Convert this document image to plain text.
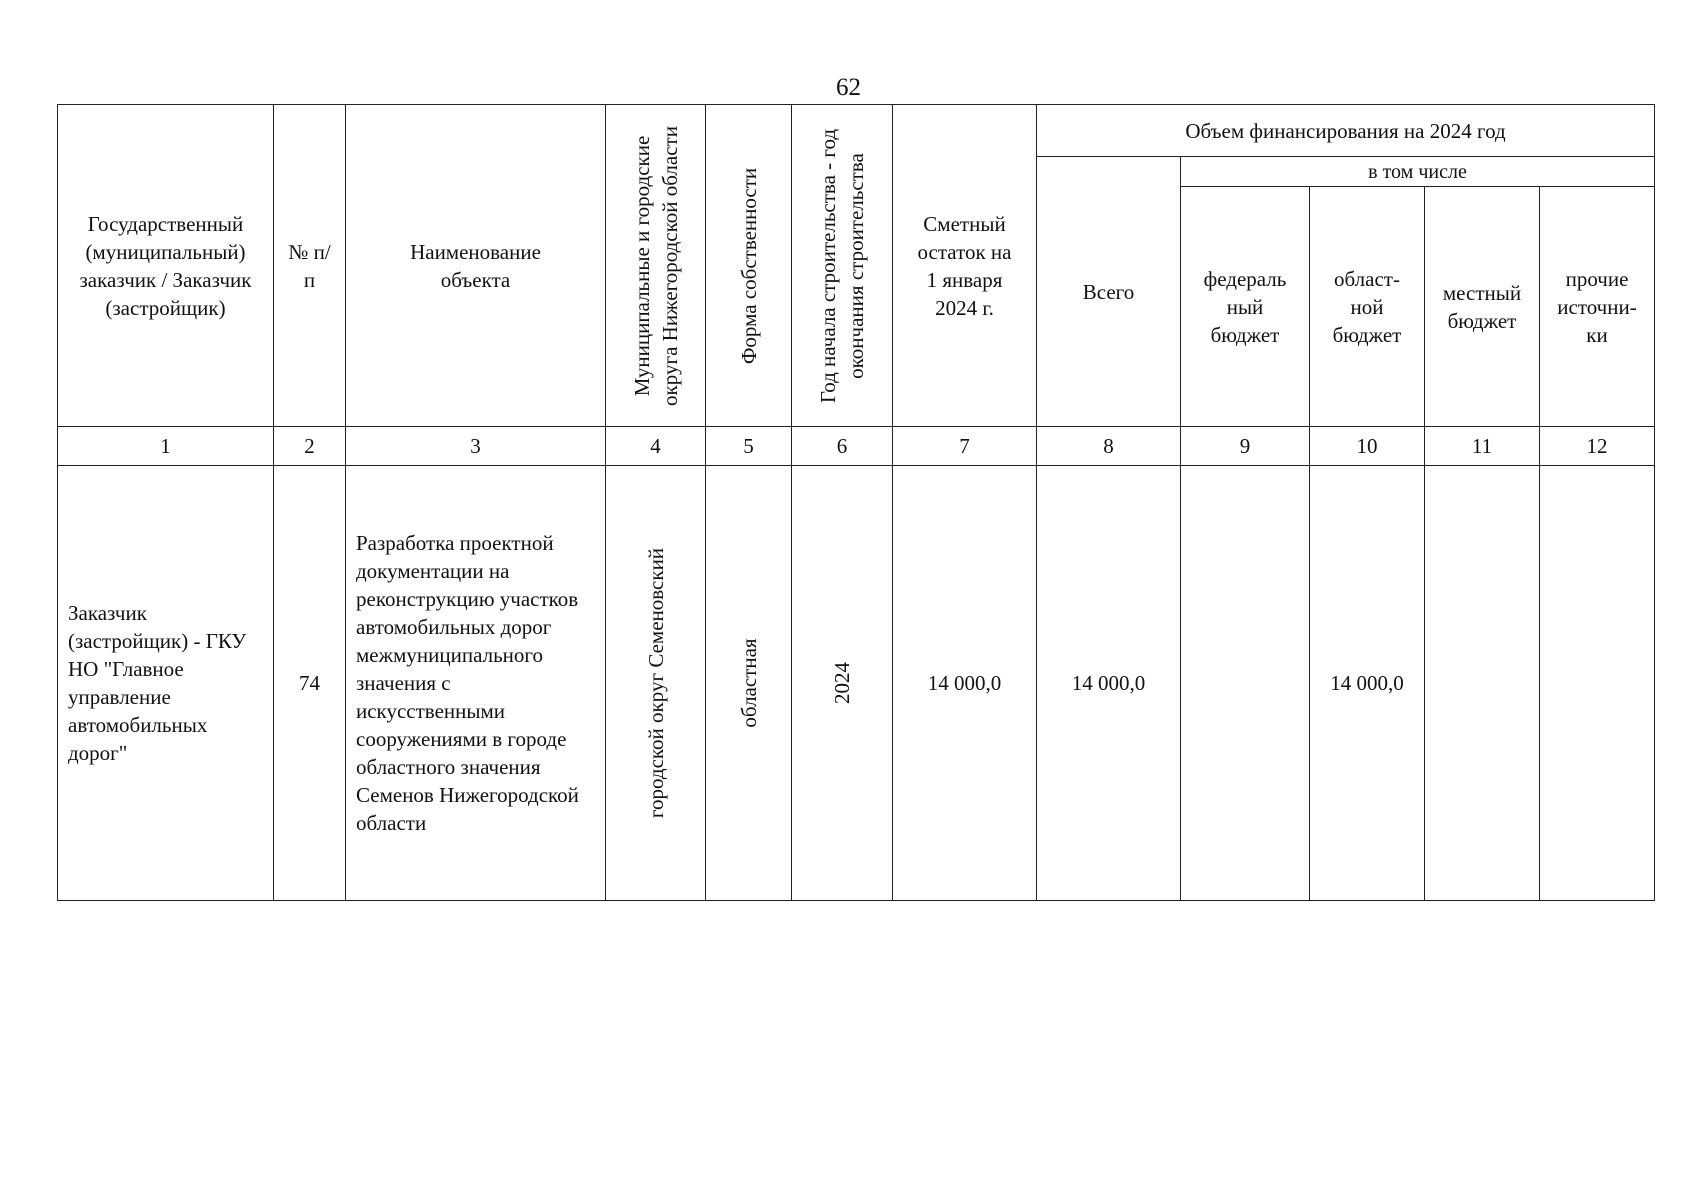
62
Государственный (муниципальный) заказчик / Заказчик (застройщик)	№ п/п	Наименование объекта	Муниципальные и городские округа Нижегородской области	Форма собственности	Год начала строительства - год окончания строительства	Сметный остаток на 1 января 2024 г.	Объем финансирования на 2024 год				

							Всего	в том числе			

								федераль ный бюджет	област- ной бюджет	местный бюджет	прочие источни- ки

1	2	3	4	5	6	7	8	9	10	11	12
Заказчик (застройщик) - ГКУ НО "Главное управление автомобильных дорог"	74	Разработка проектной документации на реконструкцию участков автомобильных дорог межмуниципального значения с искусственными сооружениями в городе областного значения Семенов Нижегородской области	городской округ Семеновский	областная	2024	14 000,0	14 000,0		14 000,0		
